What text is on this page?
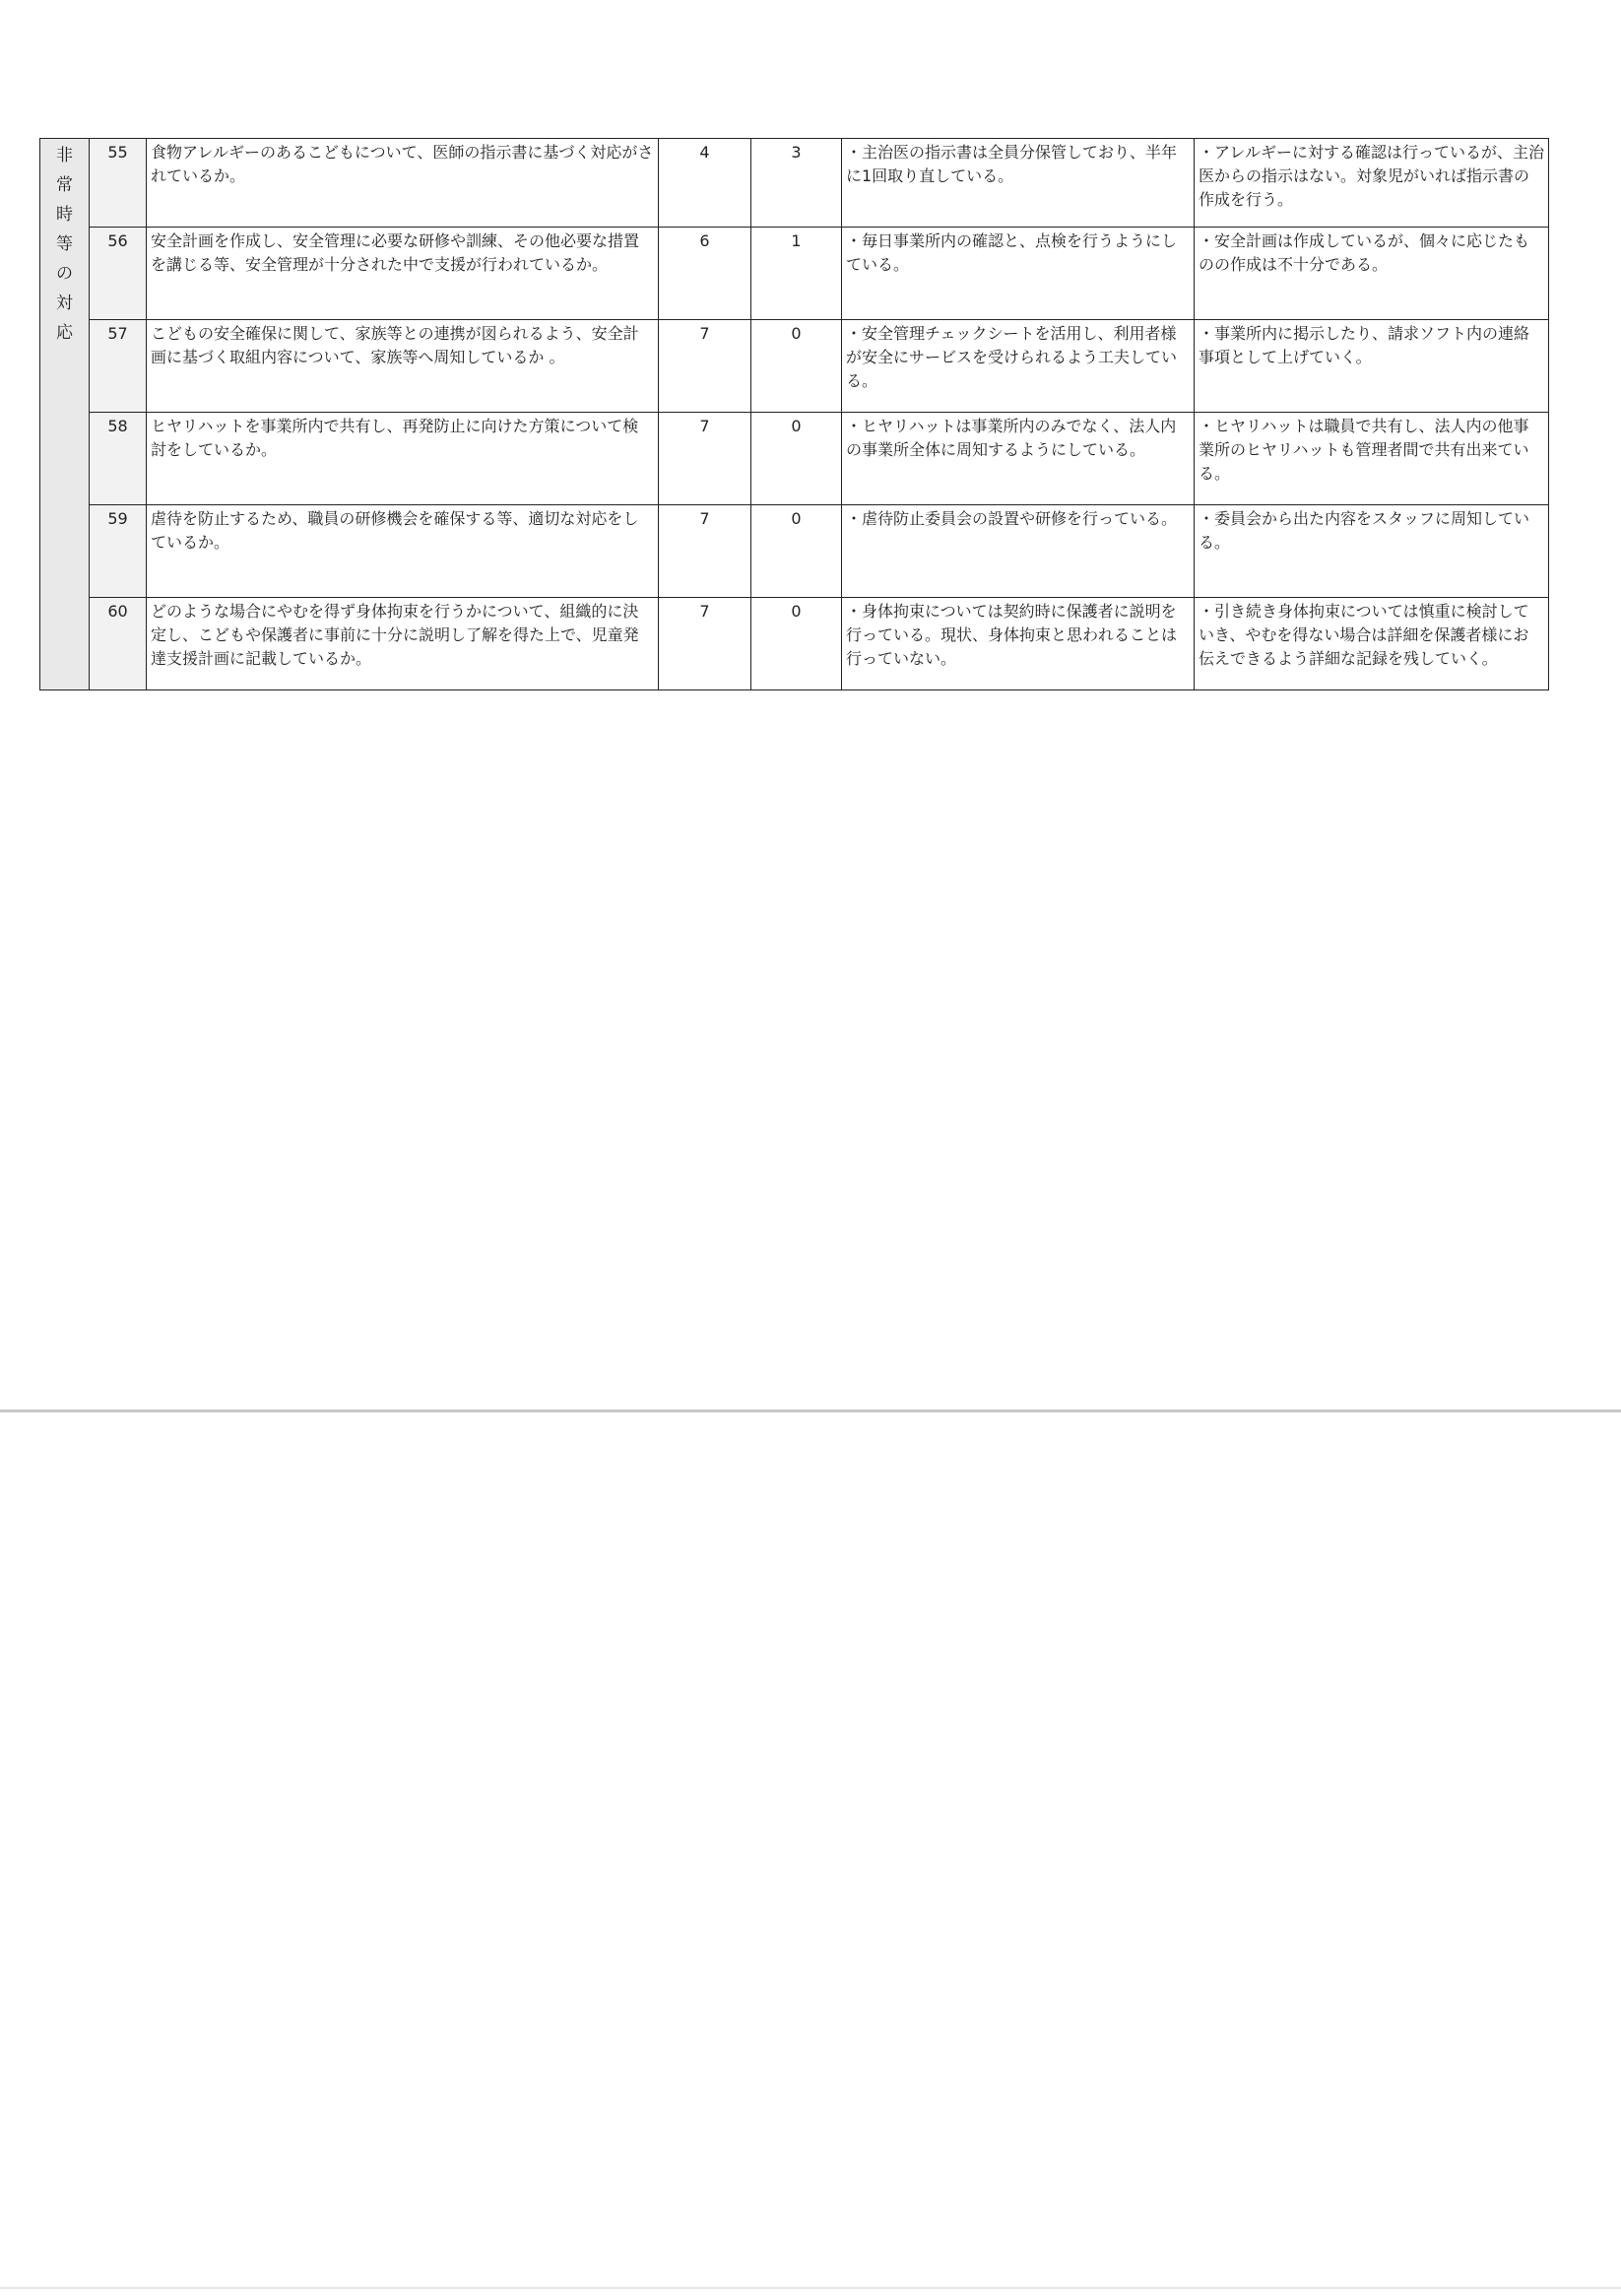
非常時等の対応	55	食物アレルギーのあるこどもについて、医師の指示書に基づく対応がされているか。	4	3	・主治医の指示書は全員分保管しており、半年に1回取り直している。	・アレルギーに対する確認は行っているが、主治医からの指示はない。対象児がいれば指示書の作成を行う。
	56	安全計画を作成し、安全管理に必要な研修や訓練、その他必要な措置を講じる等、安全管理が十分された中で支援が行われているか。	6	1	・毎日事業所内の確認と、点検を行うようにしている。	・安全計画は作成しているが、個々に応じたものの作成は不十分である。
	57	こどもの安全確保に関して、家族等との連携が図られるよう、安全計画に基づく取組内容について、家族等へ周知しているか 。	7	0	・安全管理チェックシートを活用し、利用者様が安全にサービスを受けられるよう工夫している。	・事業所内に掲示したり、請求ソフト内の連絡事項として上げていく。
	58	ヒヤリハットを事業所内で共有し、再発防止に向けた方策について検討をしているか。	7	0	・ヒヤリハットは事業所内のみでなく、法人内の事業所全体に周知するようにしている。	・ヒヤリハットは職員で共有し、法人内の他事業所のヒヤリハットも管理者間で共有出来ている。
	59	虐待を防止するため、職員の研修機会を確保する等、適切な対応をしているか。	7	0	・虐待防止委員会の設置や研修を行っている。	・委員会から出た内容をスタッフに周知している。
	60	どのような場合にやむを得ず身体拘束を行うかについて、組織的に決定し、こどもや保護者に事前に十分に説明し了解を得た上で、児童発達支援計画に記載しているか。	7	0	・身体拘束については契約時に保護者に説明を行っている。現状、身体拘束と思われることは行っていない。	・引き続き身体拘束については慎重に検討していき、やむを得ない場合は詳細を保護者様にお伝えできるよう詳細な記録を残していく。
